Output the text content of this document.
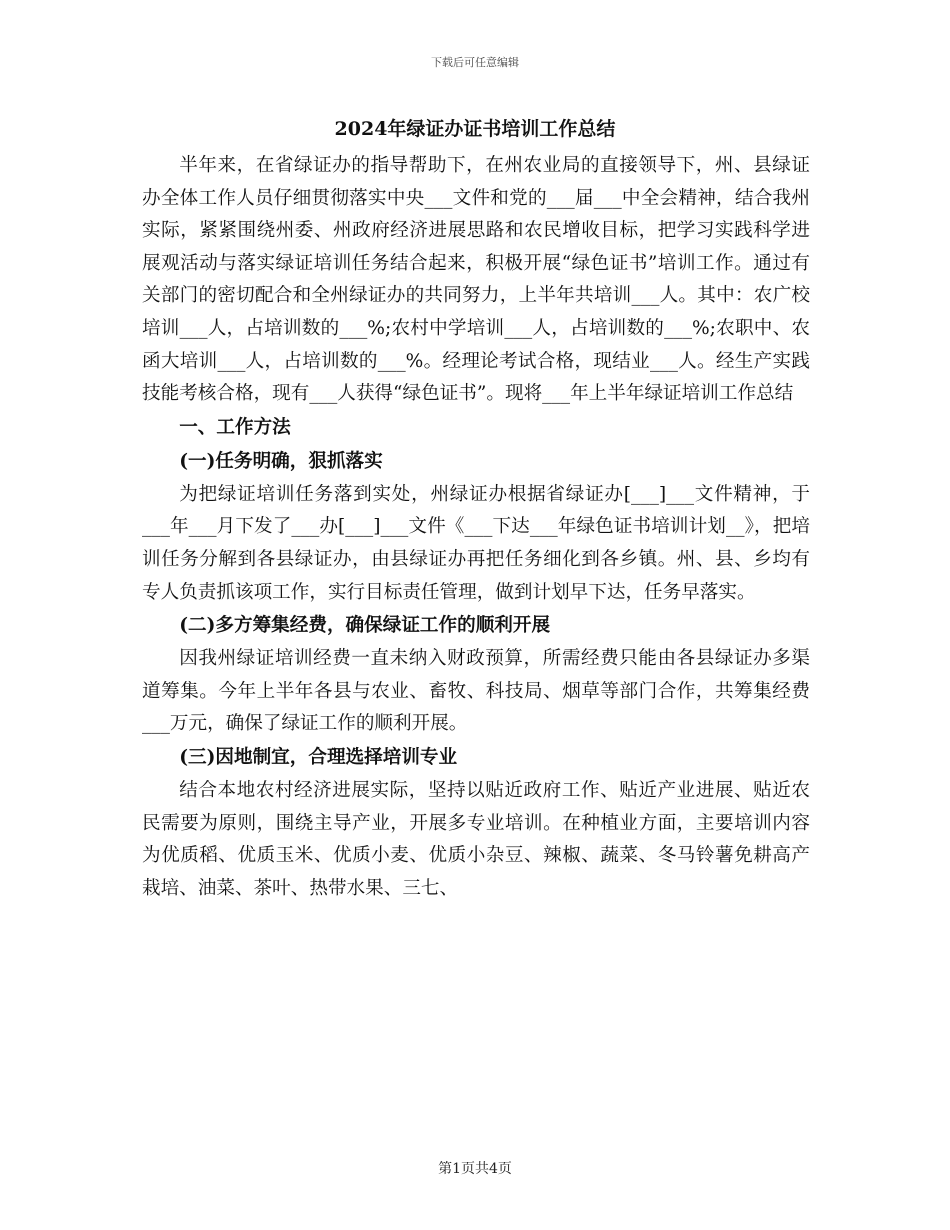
下载后可任意编辑
2024年绿证办证书培训工作总结

半年来，在省绿证办的指导帮助下，在州农业局的直接领导下，州、县绿证办全体工作人员仔细贯彻落实中央___文件和党的___届___中全会精神，结合我州实际，紧紧围绕州委、州政府经济进展思路和农民增收目标，把学习实践科学进展观活动与落实绿证培训任务结合起来，积极开展“绿色证书”培训工作。通过有关部门的密切配合和全州绿证办的共同努力，上半年共培训___人。其中：农广校培训___人，占培训数的___%;农村中学培训___人，占培训数的___%;农职中、农函大培训___人，占培训数的___%。经理论考试合格，现结业___人。经生产实践技能考核合格，现有___人获得“绿色证书”。现将___年上半年绿证培训工作总结

一、工作方法
(一)任务明确，狠抓落实

为把绿证培训任务落到实处，州绿证办根据省绿证办[___]___文件精神，于___年___月下发了___办[___]___文件《___下达___年绿色证书培训计划__》，把培训任务分解到各县绿证办，由县绿证办再把任务细化到各乡镇。州、县、乡均有专人负责抓该项工作，实行目标责任管理，做到计划早下达，任务早落实。

(二)多方筹集经费，确保绿证工作的顺利开展

因我州绿证培训经费一直未纳入财政预算，所需经费只能由各县绿证办多渠道筹集。今年上半年各县与农业、畜牧、科技局、烟草等部门合作，共筹集经费___万元，确保了绿证工作的顺利开展。

(三)因地制宜，合理选择培训专业

结合本地农村经济进展实际，坚持以贴近政府工作、贴近产业进展、贴近农民需要为原则，围绕主导产业，开展多专业培训。在种植业方面，主要培训内容为优质稻、优质玉米、优质小麦、优质小杂豆、辣椒、蔬菜、冬马铃薯免耕高产栽培、油菜、茶叶、热带水果、三七、

第1页共4页
